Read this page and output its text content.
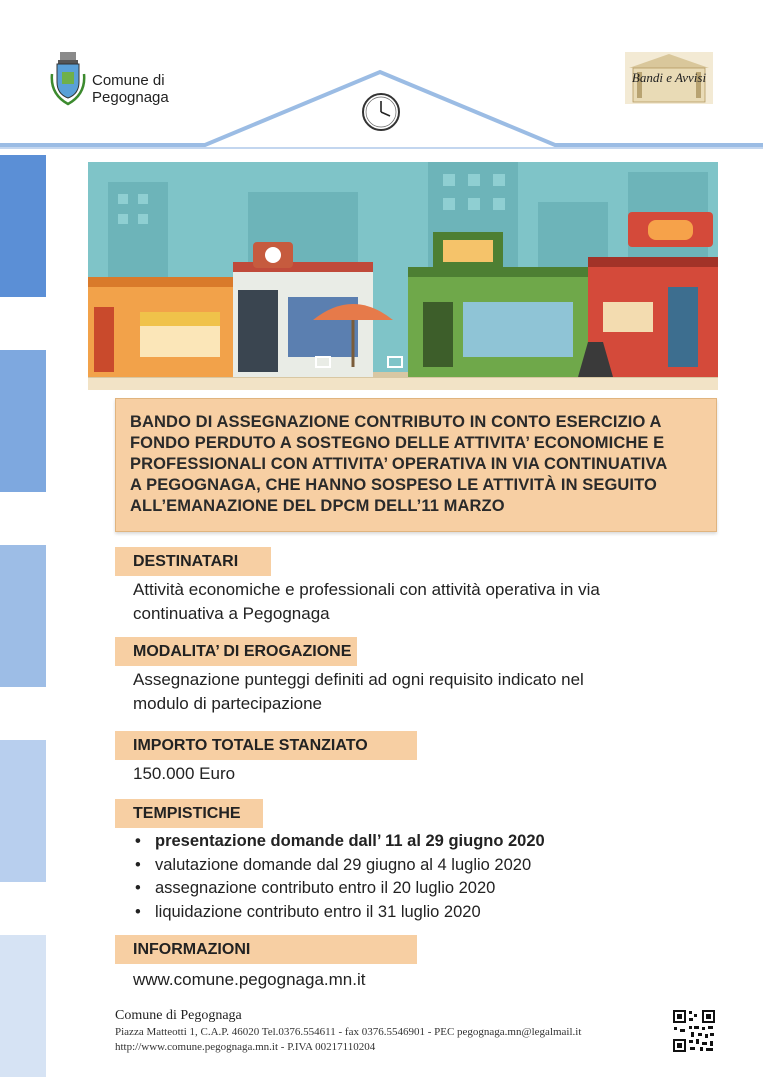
Comune di
Pegognaga
Bandi e Avvisi
BANDO DI ASSEGNAZIONE CONTRIBUTO IN CONTO ESERCIZIO A
FONDO PERDUTO A SOSTEGNO DELLE ATTIVITA’ ECONOMICHE E
PROFESSIONALI CON ATTIVITA’ OPERATIVA IN VIA CONTINUATIVA
A PEGOGNAGA, CHE HANNO SOSPESO LE ATTIVITÀ IN SEGUITO
ALL’EMANAZIONE DEL DPCM DELL’11 MARZO
DESTINATARI
Attività economiche e professionali con attività operativa in via
continuativa a Pegognaga
MODALITA’ DI EROGAZIONE
Assegnazione punteggi definiti ad ogni requisito indicato nel
modulo di partecipazione
IMPORTO TOTALE STANZIATO
150.000 Euro
TEMPISTICHE
• presentazione domande dall’ 11 al 29 giugno 2020
• valutazione domande dal 29 giugno al 4 luglio 2020
• assegnazione contributo entro il 20 luglio 2020
• liquidazione contributo entro il 31 luglio 2020
INFORMAZIONI
www.comune.pegognaga.mn.it
Comune di Pegognaga
Piazza Matteotti 1, C.A.P. 46020 Tel.0376.554611 - fax 0376.5546901 - PEC pegognaga.mn@legalmail.it
http://www.comune.pegognaga.mn.it - P.IVA 00217110204
